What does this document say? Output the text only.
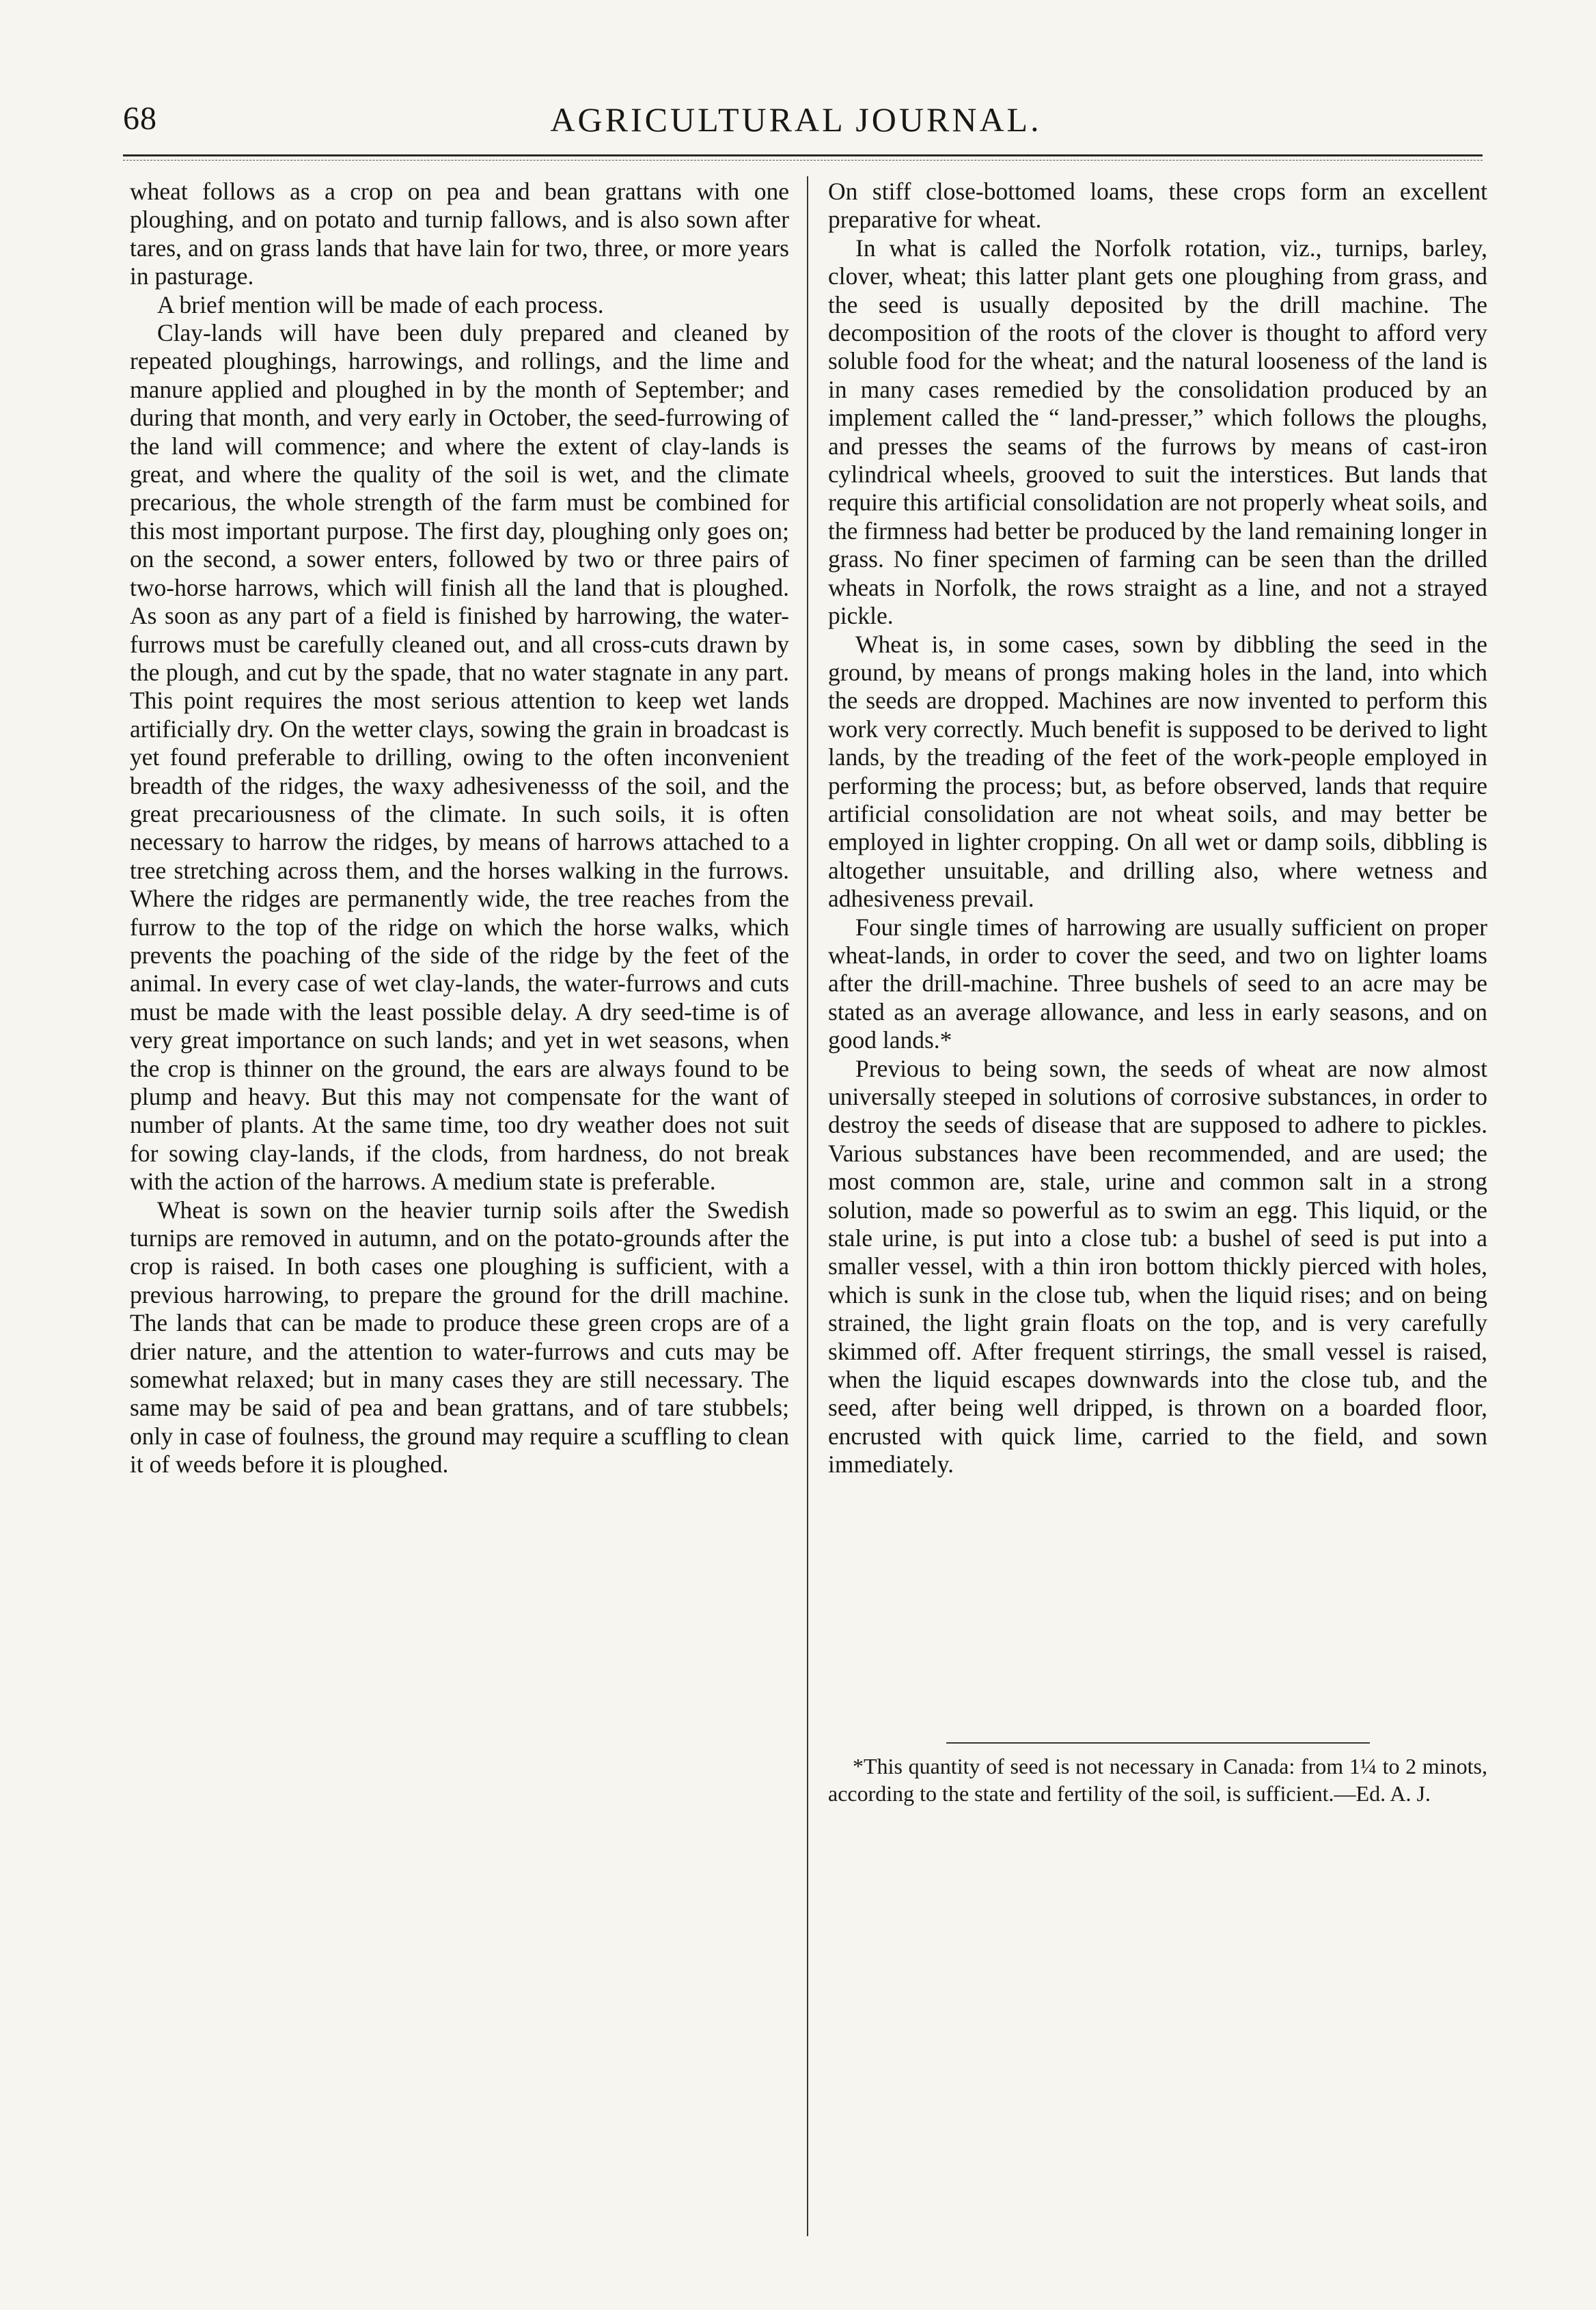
68	AGRICULTURAL JOURNAL.

wheat follows as a crop on pea and bean grattans with one ploughing, and on potato and turnip fallows, and is also sown after tares, and on grass lands that have lain for two, three, or more years in pasturage.

A brief mention will be made of each process.

Clay-lands will have been duly prepared and cleaned by repeated ploughings, harrowings, and rollings, and the lime and manure applied and ploughed in by the month of September; and during that month, and very early in October, the seed-furrowing of the land will commence; and where the extent of clay-lands is great, and where the quality of the soil is wet, and the climate precarious, the whole strength of the farm must be combined for this most important purpose. The first day, ploughing only goes on; on the second, a sower enters, followed by two or three pairs of two-horse harrows, which will finish all the land that is ploughed. As soon as any part of a field is finished by harrowing, the water-furrows must be carefully cleaned out, and all cross-cuts drawn by the plough, and cut by the spade, that no water stagnate in any part. This point requires the most serious attention to keep wet lands artificially dry. On the wetter clays, sowing the grain in broadcast is yet found preferable to drilling, owing to the often inconvenient breadth of the ridges, the waxy adhesivenesss of the soil, and the great precariousness of the climate. In such soils, it is often necessary to harrow the ridges, by means of harrows attached to a tree stretching across them, and the horses walking in the furrows. Where the ridges are permanently wide, the tree reaches from the furrow to the top of the ridge on which the horse walks, which prevents the poaching of the side of the ridge by the feet of the animal. In every case of wet clay-lands, the water-furrows and cuts must be made with the least possible delay. A dry seed-time is of very great importance on such lands; and yet in wet seasons, when the crop is thinner on the ground, the ears are always found to be plump and heavy. But this may not compensate for the want of number of plants. At the same time, too dry weather does not suit for sowing clay-lands, if the clods, from hardness, do not break with the action of the harrows. A medium state is preferable.

Wheat is sown on the heavier turnip soils after the Swedish turnips are removed in autumn, and on the potato-grounds after the crop is raised. In both cases one ploughing is sufficient, with a previous harrowing, to prepare the ground for the drill machine. The lands that can be made to produce these green crops are of a drier nature, and the attention to water-furrows and cuts may be somewhat relaxed; but in many cases they are still necessary. The same may be said of pea and bean grattans, and of tare stubbels; only in case of foulness, the ground may require a scuffling to clean it of weeds before it is ploughed.

On stiff close-bottomed loams, these crops form an excellent preparative for wheat.

In what is called the Norfolk rotation, viz., turnips, barley, clover, wheat; this latter plant gets one ploughing from grass, and the seed is usually deposited by the drill machine. The decomposition of the roots of the clover is thought to afford very soluble food for the wheat; and the natural looseness of the land is in many cases remedied by the consolidation produced by an implement called the “ land-presser,” which follows the ploughs, and presses the seams of the furrows by means of cast-iron cylindrical wheels, grooved to suit the interstices. But lands that require this artificial consolidation are not properly wheat soils, and the firmness had better be produced by the land remaining longer in grass. No finer specimen of farming can be seen than the drilled wheats in Norfolk, the rows straight as a line, and not a strayed pickle.

Wheat is, in some cases, sown by dibbling the seed in the ground, by means of prongs making holes in the land, into which the seeds are dropped. Machines are now invented to perform this work very correctly. Much benefit is supposed to be derived to light lands, by the treading of the feet of the work-people employed in performing the process; but, as before observed, lands that require artificial consolidation are not wheat soils, and may better be employed in lighter cropping. On all wet or damp soils, dibbling is altogether unsuitable, and drilling also, where wetness and adhesiveness prevail.

Four single times of harrowing are usually sufficient on proper wheat-lands, in order to cover the seed, and two on lighter loams after the drill-machine. Three bushels of seed to an acre may be stated as an average allowance, and less in early seasons, and on good lands.*

Previous to being sown, the seeds of wheat are now almost universally steeped in solutions of corrosive substances, in order to destroy the seeds of disease that are supposed to adhere to pickles. Various substances have been recommended, and are used; the most common are, stale, urine and common salt in a strong solution, made so powerful as to swim an egg. This liquid, or the stale urine, is put into a close tub: a bushel of seed is put into a smaller vessel, with a thin iron bottom thickly pierced with holes, which is sunk in the close tub, when the liquid rises; and on being strained, the light grain floats on the top, and is very carefully skimmed off. After frequent stirrings, the small vessel is raised, when the liquid escapes downwards into the close tub, and the seed, after being well dripped, is thrown on a boarded floor, encrusted with quick lime, carried to the field, and sown immediately.

*This quantity of seed is not necessary in Canada: from 1¼ to 2 minots, according to the state and fertility of the soil, is sufficient.—Ed. A. J.
